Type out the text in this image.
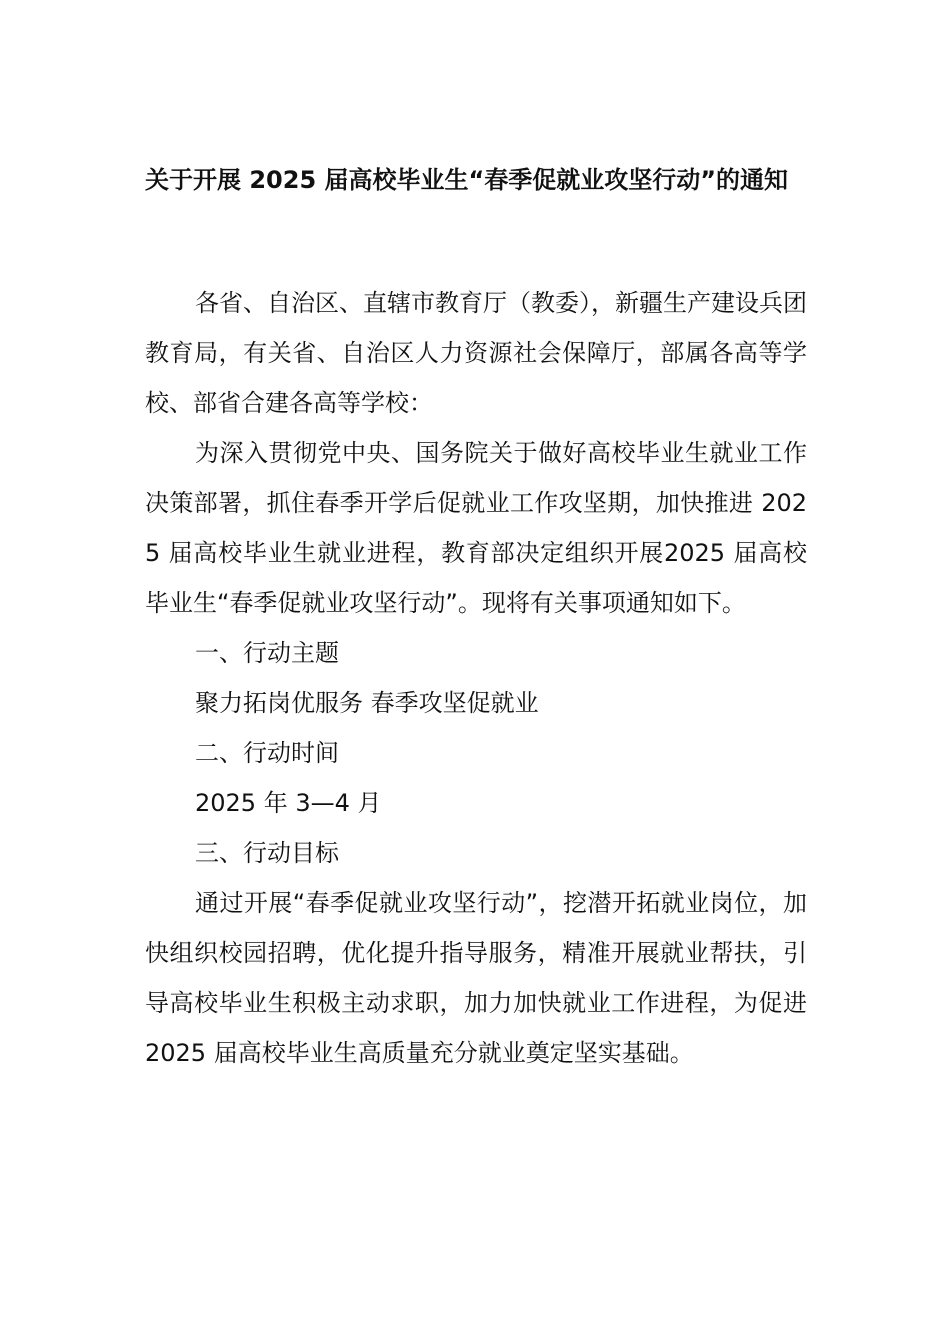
关于开展 2025 届高校毕业生“春季促就业攻坚行动”的通知

各省、自治区、直辖市教育厅（教委），新疆生产建设兵团教育局，有关省、自治区人力资源社会保障厅，部属各高等学校、部省合建各高等学校：

为深入贯彻党中央、国务院关于做好高校毕业生就业工作决策部署，抓住春季开学后促就业工作攻坚期，加快推进 2025 届高校毕业生就业进程，教育部决定组织开展2025 届高校毕业生“春季促就业攻坚行动”。现将有关事项通知如下。

一、行动主题

聚力拓岗优服务 春季攻坚促就业

二、行动时间

2025 年 3—4 月

三、行动目标

通过开展“春季促就业攻坚行动”，挖潜开拓就业岗位，加快组织校园招聘，优化提升指导服务，精准开展就业帮扶，引导高校毕业生积极主动求职，加力加快就业工作进程，为促进 2025 届高校毕业生高质量充分就业奠定坚实基础。
